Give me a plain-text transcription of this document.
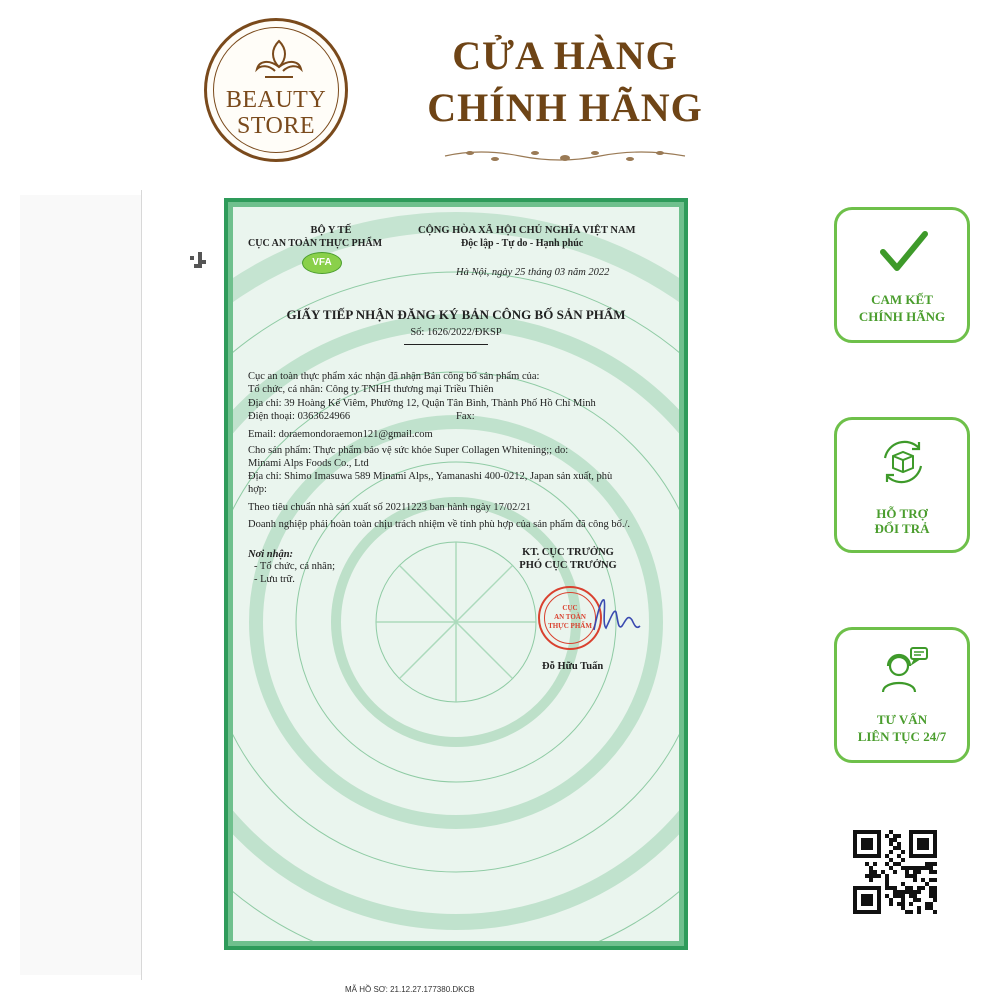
BEAUTY
STORE
CỬA HÀNG
CHÍNH HÃNG
BỘ Y TẾ
CỤC AN TOÀN THỰC PHẨM
VFA
CỘNG HÒA XÃ HỘI CHỦ NGHĨA VIỆT NAM
Độc lập - Tự do - Hạnh phúc
Hà Nội, ngày 25 tháng 03 năm 2022
GIẤY TIẾP NHẬN ĐĂNG KÝ BẢN CÔNG BỐ SẢN PHẨM
Số: 1626/2022/ĐKSP
Cục an toàn thực phẩm xác nhận đã nhận Bản công bố sản phẩm của:
Tổ chức, cá nhân: Công ty TNHH thương mại Triều Thiên
Địa chỉ: 39 Hoàng Kế Viêm, Phường 12, Quận Tân Bình, Thành Phố Hồ Chí Minh
Điện thoại: 0363624966	Fax:
Email: doraemondoraemon121@gmail.com
Cho sản phẩm: Thực phẩm bảo vệ sức khỏe Super Collagen Whitening;; do:
Minami Alps Foods Co., Ltd
Địa chỉ: Shimo Imasuwa 589 Minami Alps,, Yamanashi 400-0212, Japan sản xuất, phù
hợp:
Theo tiêu chuẩn nhà sản xuất số 20211223 ban hành ngày 17/02/21
Doanh nghiệp phải hoàn toàn chịu trách nhiệm về tính phù hợp của sản phẩm đã công bố./.
Nơi nhận:
- Tổ chức, cá nhân;
- Lưu trữ.
KT. CỤC TRƯỞNG
PHÓ CỤC TRƯỞNG
CỤC
AN TOÀN
THỰC PHẨM
Đỗ Hữu Tuấn
MÃ HỒ SƠ: 21.12.27.177380.DKCB
CAM KẾT
CHÍNH HÃNG
HỖ TRỢ
ĐỔI TRẢ
TƯ VẤN
LIÊN TỤC 24/7
